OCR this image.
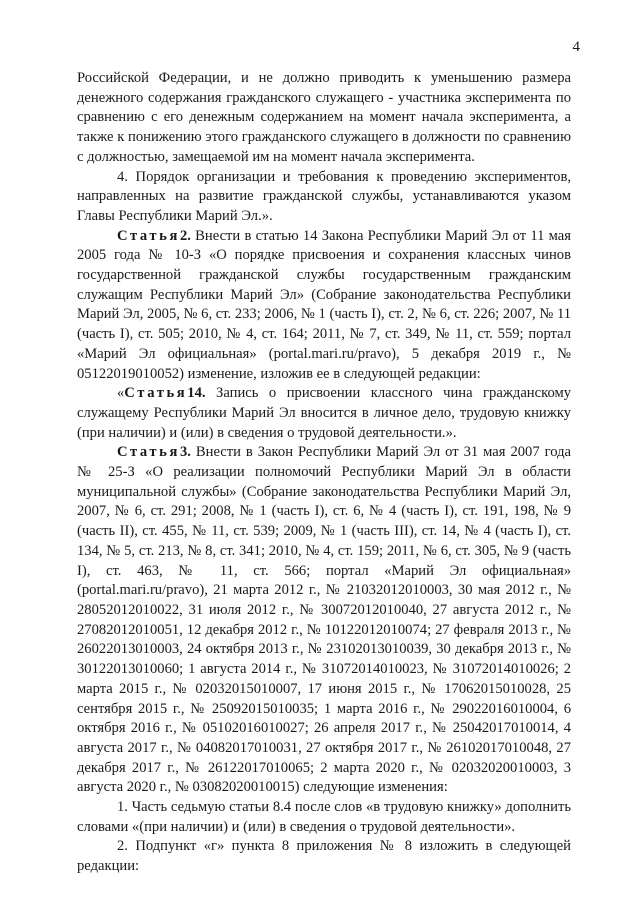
4

Российской Федерации, и не должно приводить к уменьшению размера денежного содержания гражданского служащего - участника эксперимента по сравнению с его денежным содержанием на момент начала эксперимента, а также к понижению этого гражданского служащего в должности по сравнению с должностью, замещаемой им на момент начала эксперимента.

4. Порядок организации и требования к проведению экспериментов, направленных на развитие гражданской службы, устанавливаются указом Главы Республики Марий Эл.».

Статья2. Внести в статью 14 Закона Республики Марий Эл от 11 мая 2005 года № 10-З «О порядке присвоения и сохранения классных чинов государственной гражданской службы государственным гражданским служащим Республики Марий Эл» (Собрание законодательства Республики Марий Эл, 2005, № 6, ст. 233; 2006, № 1 (часть I), ст. 2, № 6, ст. 226; 2007, № 11 (часть I), ст. 505; 2010, № 4, ст. 164; 2011, № 7, ст. 349, № 11, ст. 559; портал «Марий Эл официальная» (portal.mari.ru/pravo), 5 декабря 2019 г., № 05122019010052) изменение, изложив ее в следующей редакции:

«Статья14. Запись о присвоении классного чина гражданскому служащему Республики Марий Эл вносится в личное дело, трудовую книжку (при наличии) и (или) в сведения о трудовой деятельности.».

Статья3. Внести в Закон Республики Марий Эл от 31 мая 2007 года № 25-З «О реализации полномочий Республики Марий Эл в области муниципальной службы» (Собрание законодательства Республики Марий Эл, 2007, № 6, ст. 291; 2008, № 1 (часть I), ст. 6, № 4 (часть I), ст. 191, 198, № 9 (часть II), ст. 455, № 11, ст. 539; 2009, № 1 (часть III), ст. 14, № 4 (часть I), ст. 134, № 5, ст. 213, № 8, ст. 341; 2010, № 4, ст. 159; 2011, № 6, ст. 305, № 9 (часть I), ст. 463, № 11, ст. 566; портал «Марий Эл официальная» (portal.mari.ru/pravo), 21 марта 2012 г., № 21032012010003, 30 мая 2012 г., № 28052012010022, 31 июля 2012 г., № 30072012010040, 27 августа 2012 г., № 27082012010051, 12 декабря 2012 г., № 10122012010074; 27 февраля 2013 г., № 26022013010003, 24 октября 2013 г., № 23102013010039, 30 декабря 2013 г., № 30122013010060; 1 августа 2014 г., № 31072014010023, № 31072014010026; 2 марта 2015 г., № 02032015010007, 17 июня 2015 г., № 17062015010028, 25 сентября 2015 г., № 25092015010035; 1 марта 2016 г., № 29022016010004, 6 октября 2016 г., № 05102016010027; 26 апреля 2017 г., № 25042017010014, 4 августа 2017 г., № 04082017010031, 27 октября 2017 г., № 26102017010048, 27 декабря 2017 г., № 26122017010065; 2 марта 2020 г., № 02032020010003, 3 августа 2020 г., № 03082020010015) следующие изменения:

1. Часть седьмую статьи 8.4 после слов «в трудовую книжку» дополнить словами «(при наличии) и (или) в сведения о трудовой деятельности».

2. Подпункт «г» пункта 8 приложения № 8 изложить в следующей редакции:
